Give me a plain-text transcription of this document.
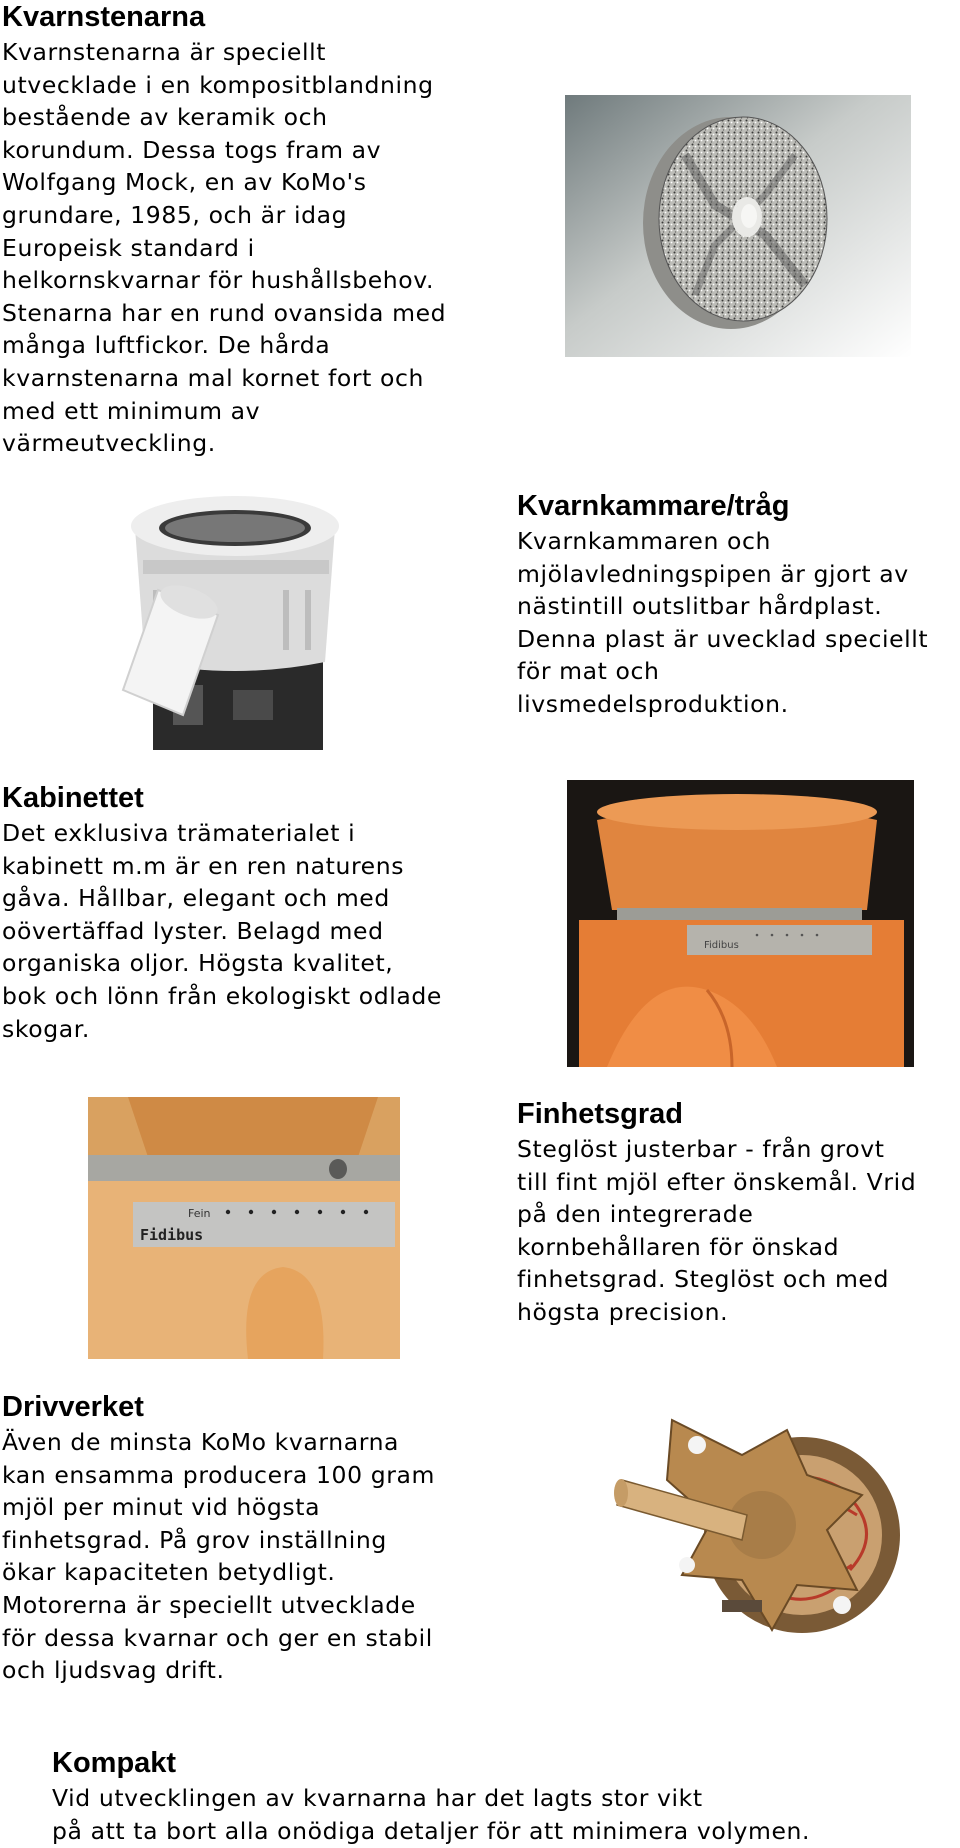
Kvarnstenarna

Kvarnstenarna är speciellt
utvecklade i en kompositblandning
bestående av keramik och
korundum. Dessa togs fram av
Wolfgang Mock, en av KoMo's
grundare, 1985, och är idag
Europeisk standard i
helkornskvarnar för hushållsbehov.
Stenarna har en rund ovansida med
många luftfickor. De hårda
kvarnstenarna mal kornet fort och
med ett minimum av
värmeutveckling.

Kvarnkammare/tråg

Kvarnkammaren och
mjölavledningspipen är gjort av
nästintill outslitbar hårdplast.
Denna plast är uvecklad speciellt
för mat och
livsmedelsproduktion.

Kabinettet

Det exklusiva trämaterialet i
kabinett m.m är en ren naturens
gåva. Hållbar, elegant och med
oövertäffad lyster. Belagd med
organiska oljor. Högsta kvalitet,
bok och lönn från ekologiskt odlade
skogar.

Fidibus
Fein
Fidibus
Finhetsgrad

Steglöst justerbar - från grovt
till fint mjöl efter önskemål. Vrid
på den integrerade
kornbehållaren för önskad
finhetsgrad. Steglöst och med
högsta precision.

Drivverket

Även de minsta KoMo kvarnarna
kan ensamma producera 100 gram
mjöl per minut vid högsta
finhetsgrad. På grov inställning
ökar kapaciteten betydligt.
Motorerna är speciellt utvecklade
för dessa kvarnar och ger en stabil
och ljudsvag drift.

Kompakt

Vid utvecklingen av kvarnarna har det lagts stor vikt
på att ta bort alla onödiga detaljer för att minimera volymen.
